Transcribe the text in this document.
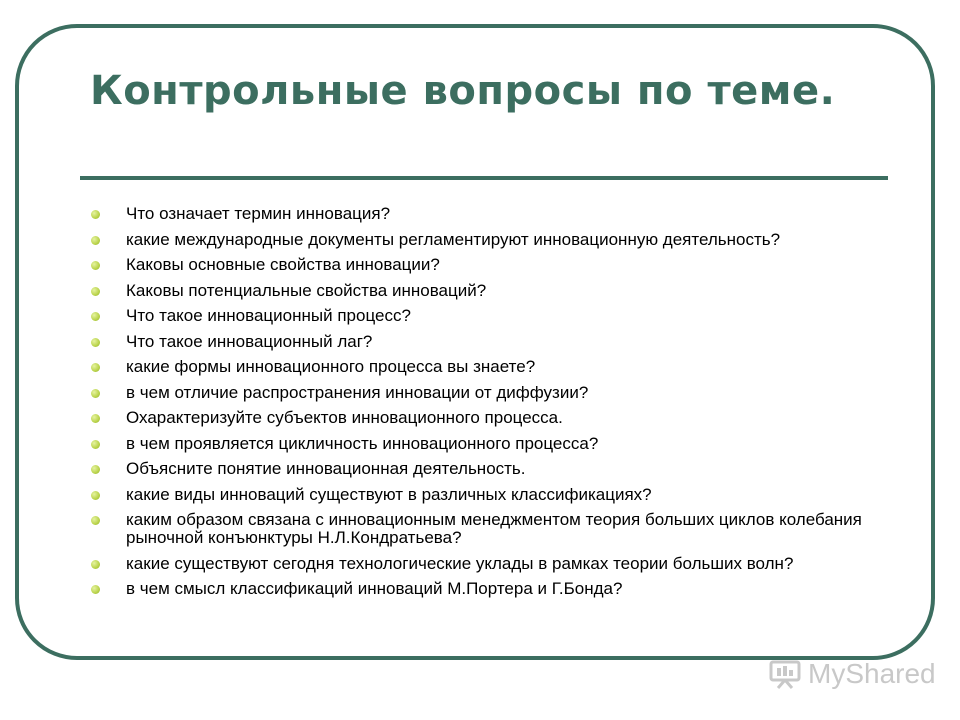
Контрольные вопросы по теме.
Что означает термин инновация?
какие международные документы регламентируют инновационную деятельность?
Каковы основные свойства инновации?
Каковы потенциальные свойства инноваций?
Что такое инновационный процесс?
Что такое инновационный лаг?
какие формы инновационного процесса вы знаете?
в чем отличие распространения инновации от диффузии?
Охарактеризуйте субъектов инновационного процесса.
в чем проявляется цикличность инновационного процесса?
Объясните понятие инновационная деятельность.
какие виды инноваций существуют в различных классификациях?
каким образом связана с инновационным менеджментом теория больших циклов колебания рыночной конъюнктуры Н.Л.Кондратьева?
какие существуют сегодня технологические уклады в рамках теории больших волн?
в чем смысл классификаций инноваций М.Портера и Г.Бонда?
MyShared
